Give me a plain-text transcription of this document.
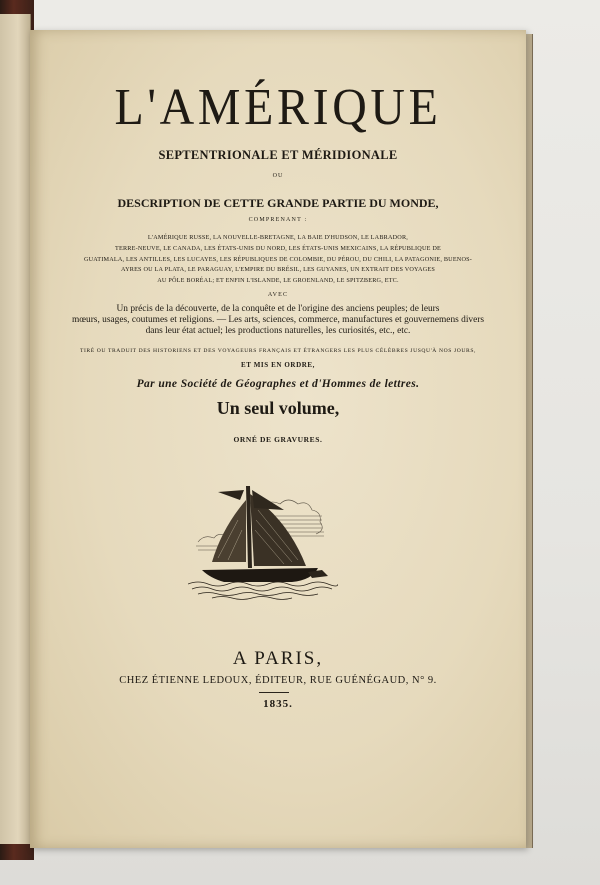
L'AMÉRIQUE
SEPTENTRIONALE ET MÉRIDIONALE
OU
DESCRIPTION DE CETTE GRANDE PARTIE DU MONDE,
COMPRENANT :
L'AMÉRIQUE RUSSE, LA NOUVELLE-BRETAGNE, LA BAIE D'HUDSON, LE LABRADOR,
TERRE-NEUVE, LE CANADA, LES ÉTATS-UNIS DU NORD, LES ÉTATS-UNIS MEXICAINS, LA RÉPUBLIQUE DE
GUATIMALA, LES ANTILLES, LES LUCAYES, LES RÉPUBLIQUES DE COLOMBIE, DU PÉROU, DU CHILI, LA PATAGONIE, BUENOS-
AYRES OU LA PLATA, LE PARAGUAY, L'EMPIRE DU BRÉSIL, LES GUYANES, UN EXTRAIT DES VOYAGES
AU PÔLE BORÉAL; ET ENFIN L'ISLANDE, LE GROENLAND, LE SPITZBERG, ETC.
AVEC
Un précis de la découverte, de la conquête et de l'origine des anciens peuples; de leurs
mœurs, usages, coutumes et religions. — Les arts, sciences, commerce, manufactures et gouvernemens divers
dans leur état actuel; les productions naturelles, les curiosités, etc., etc.
TIRÉ OU TRADUIT DES HISTORIENS ET DES VOYAGEURS FRANÇAIS ET ÉTRANGERS LES PLUS CÉLÈBRES JUSQU'À NOS JOURS,
ET MIS EN ORDRE,
Par une Société de Géographes et d'Hommes de lettres.
Un seul volume,
ORNÉ DE GRAVURES.
A PARIS,
CHEZ ÉTIENNE LEDOUX, ÉDITEUR, RUE GUÉNÉGAUD, N° 9.
1835.
